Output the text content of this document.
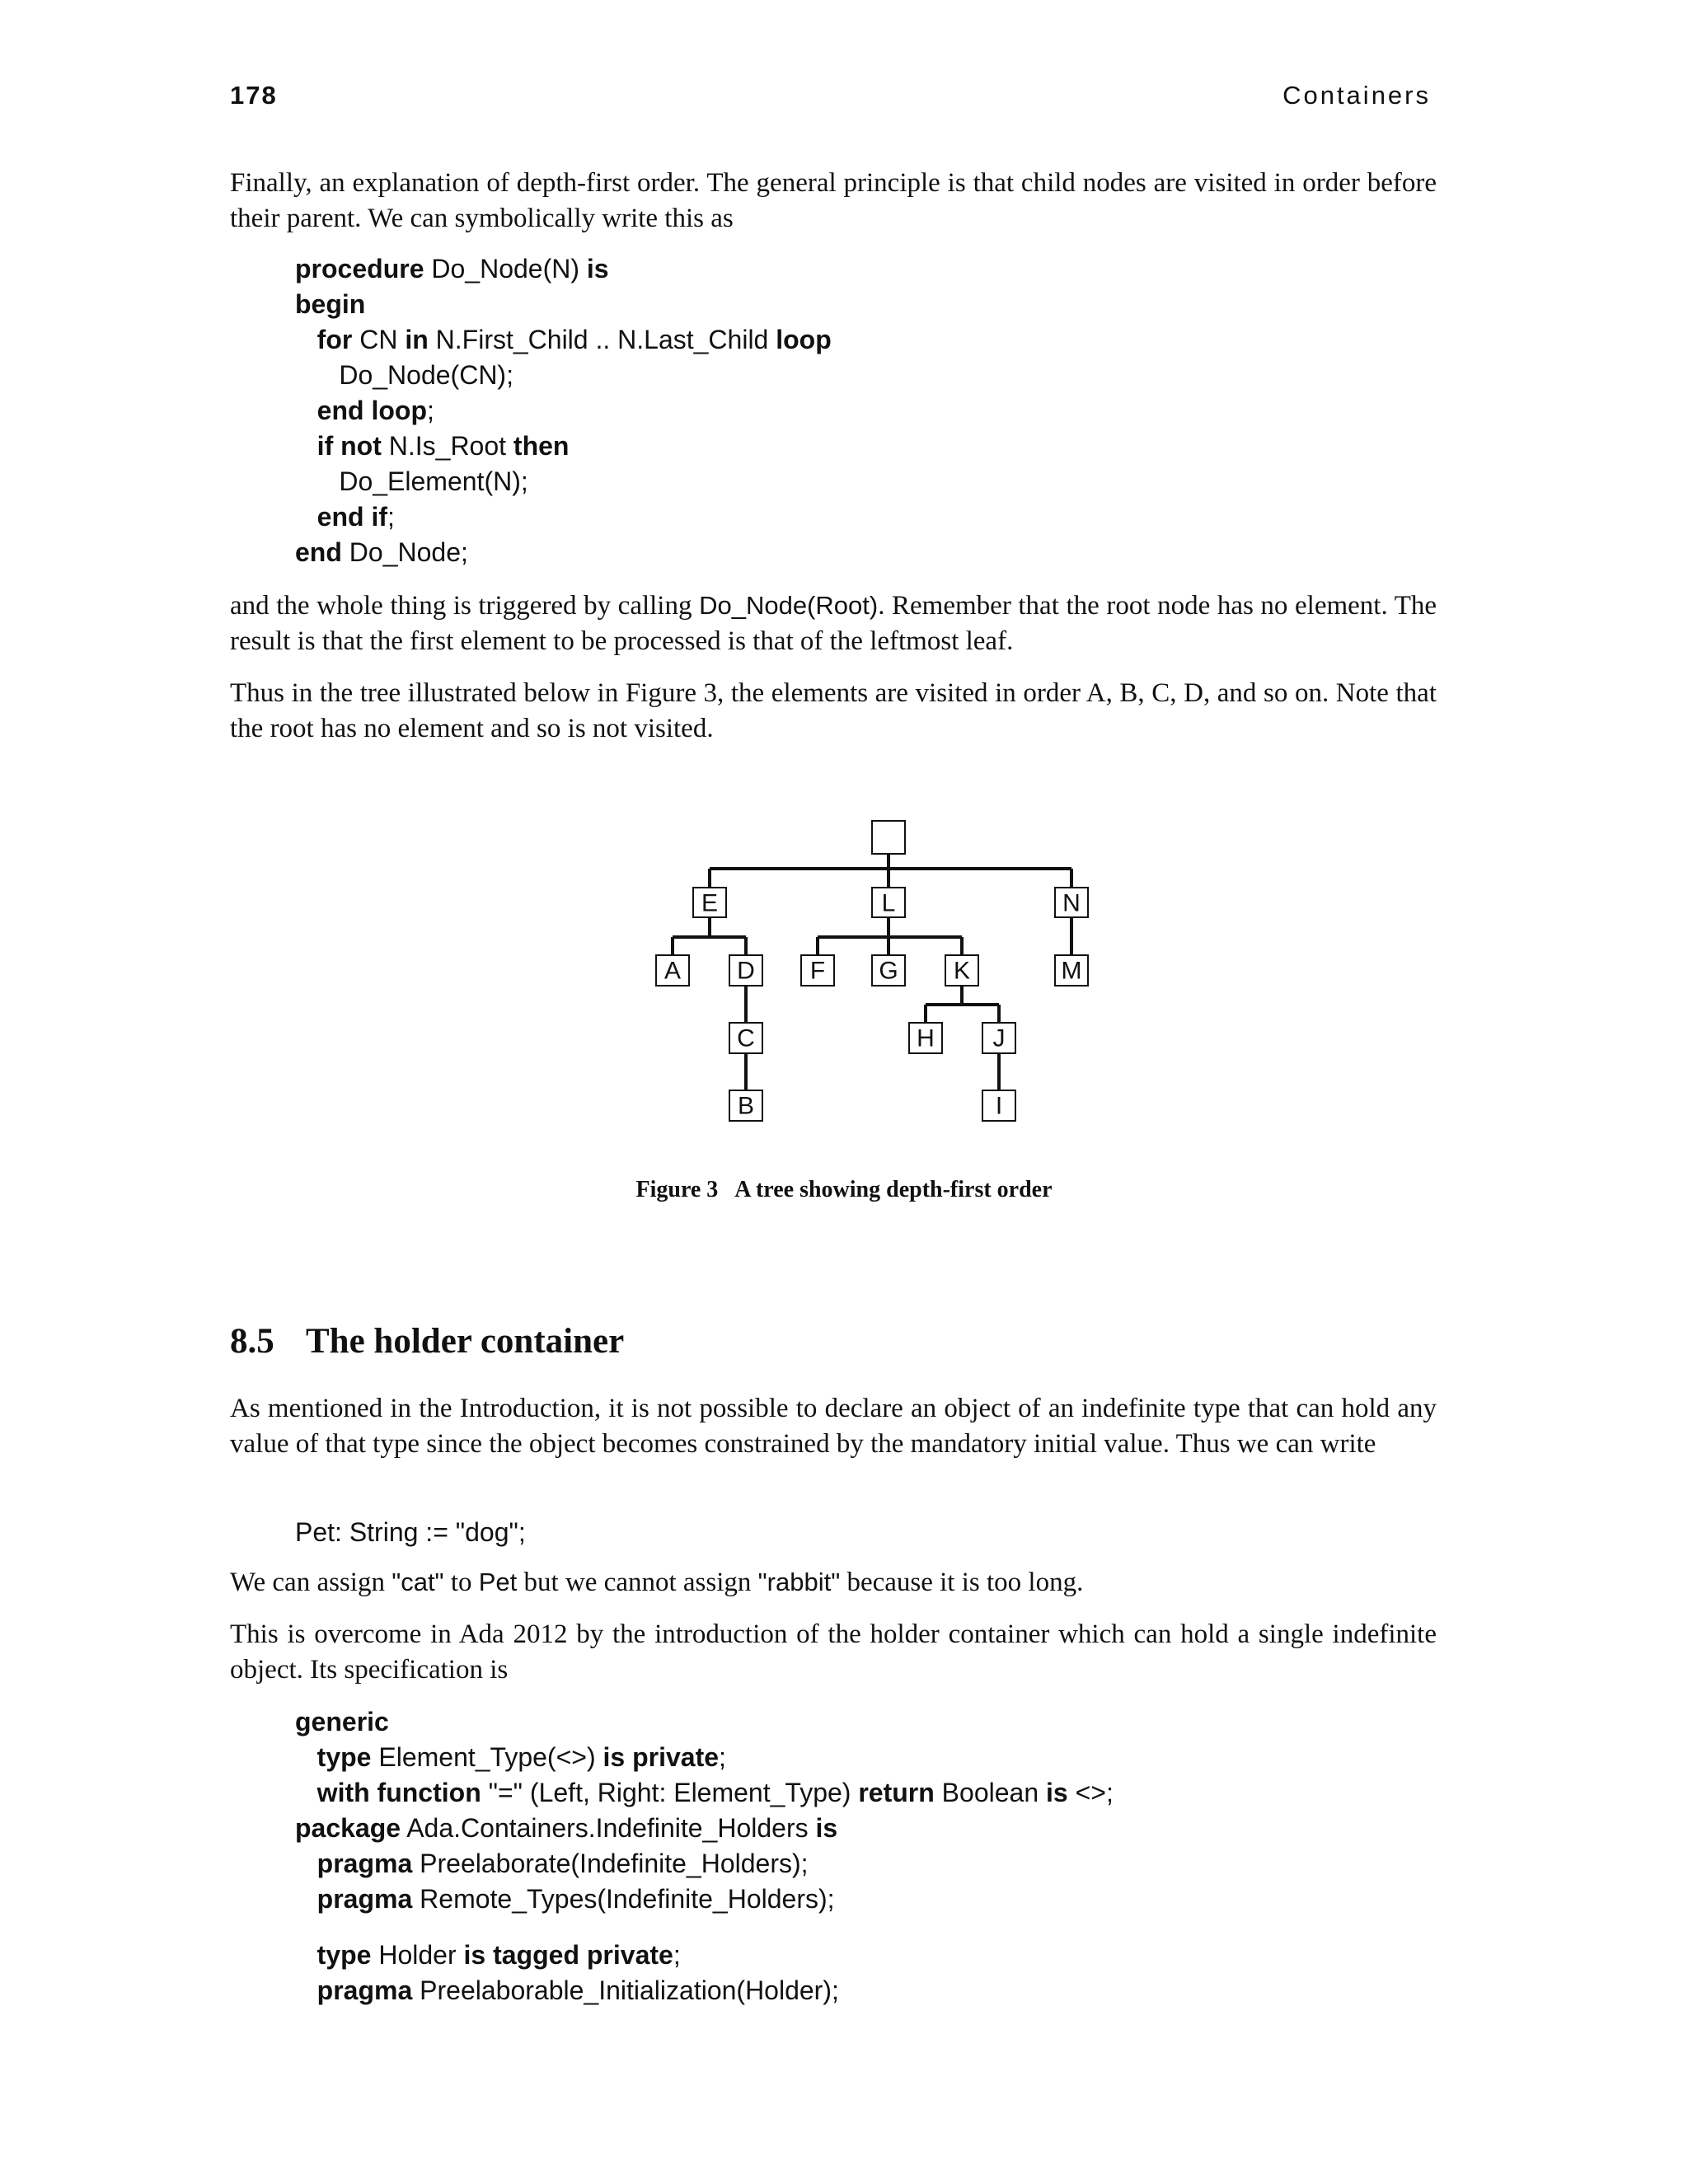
178	Containers

Finally, an explanation of depth-first order. The general principle is that child nodes are visited in order before their parent. We can symbolically write this as

procedure Do_Node(N) is
begin
for CN in N.First_Child .. N.Last_Child loop
Do_Node(CN);
end loop;
if not N.Is_Root then
Do_Element(N);
end if;
end Do_Node;

and the whole thing is triggered by calling Do_Node(Root). Remember that the root node has no element. The result is that the first element to be processed is that of the leftmost leaf.

Thus in the tree illustrated below in Figure 3, the elements are visited in order A, B, C, D, and so on. Note that the root has no element and so is not visited.

E	L	N
A D F G K	M
C	H J
B	I

Figure 3 A tree showing depth-first order

8.5 The holder container

As mentioned in the Introduction, it is not possible to declare an object of an indefinite type that can hold any value of that type since the object becomes constrained by the mandatory initial value. Thus we can write

Pet: String := "dog";

We can assign "cat" to Pet but we cannot assign "rabbit" because it is too long.

This is overcome in Ada 2012 by the introduction of the holder container which can hold a single indefinite object. Its specification is

generic
type Element_Type(<>) is private;
with function "=" (Left, Right: Element_Type) return Boolean is <>;
package Ada.Containers.Indefinite_Holders is
pragma Preelaborate(Indefinite_Holders);
pragma Remote_Types(Indefinite_Holders);
type Holder is tagged private;
pragma Preelaborable_Initialization(Holder);
